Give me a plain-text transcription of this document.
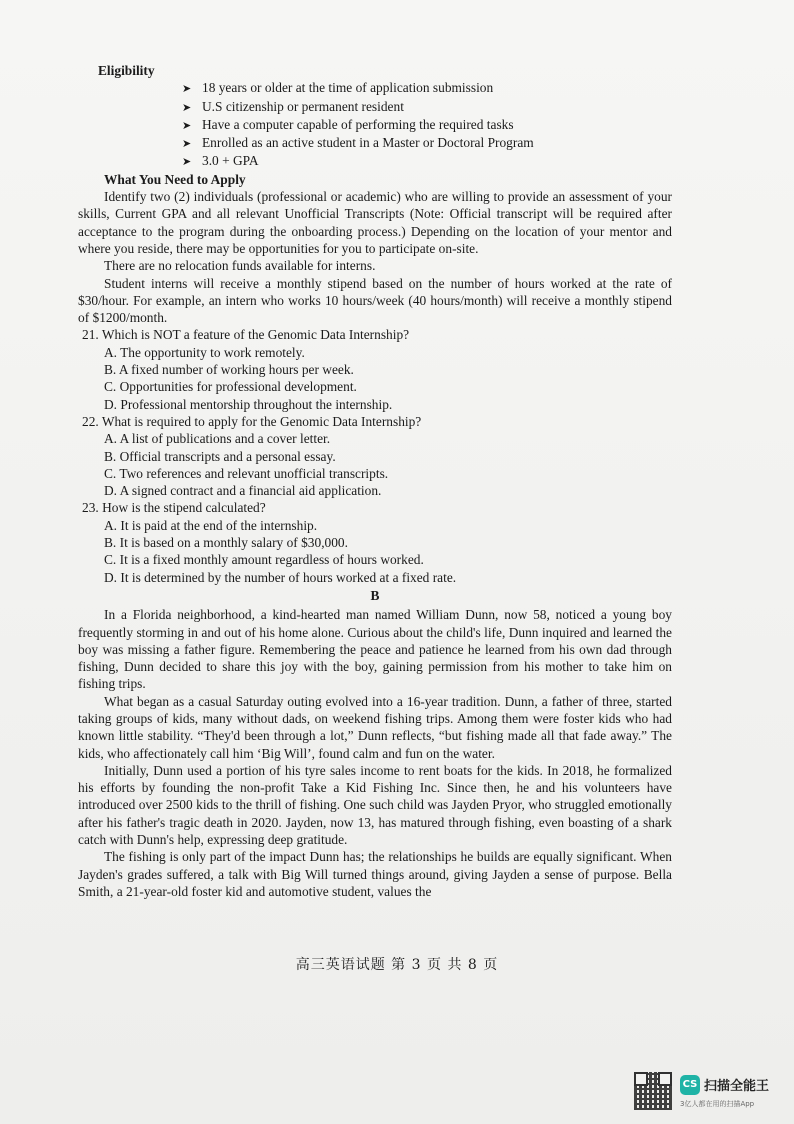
Eligibility
➤ 18 years or older at the time of application submission
➤ U.S citizenship or permanent resident
➤ Have a computer capable of performing the required tasks
➤ Enrolled as an active student in a Master or Doctoral Program
➤ 3.0 + GPA
What You Need to Apply

Identify two (2) individuals (professional or academic) who are willing to provide an assessment of your skills, Current GPA and all relevant Unofficial Transcripts (Note: Official transcript will be required after acceptance to the program during the onboarding process.) Depending on the location of your mentor and where you reside, there may be opportunities for you to participate on-site.

There are no relocation funds available for interns.

Student interns will receive a monthly stipend based on the number of hours worked at the rate of $30/hour. For example, an intern who works 10 hours/week (40 hours/month) will receive a monthly stipend of $1200/month.

21. Which is NOT a feature of the Genomic Data Internship?
A. The opportunity to work remotely.
B. A fixed number of working hours per week.
C. Opportunities for professional development.
D. Professional mentorship throughout the internship.
22. What is required to apply for the Genomic Data Internship?
A. A list of publications and a cover letter.
B. Official transcripts and a personal essay.
C. Two references and relevant unofficial transcripts.
D. A signed contract and a financial aid application.
23. How is the stipend calculated?
A. It is paid at the end of the internship.
B. It is based on a monthly salary of $30,000.
C. It is a fixed monthly amount regardless of hours worked.
D. It is determined by the number of hours worked at a fixed rate.
B

In a Florida neighborhood, a kind-hearted man named William Dunn, now 58, noticed a young boy frequently storming in and out of his home alone. Curious about the child's life, Dunn inquired and learned the boy was missing a father figure. Remembering the peace and patience he learned from his own dad through fishing, Dunn decided to share this joy with the boy, gaining permission from his mother to take him on fishing trips.

What began as a casual Saturday outing evolved into a 16-year tradition. Dunn, a father of three, started taking groups of kids, many without dads, on weekend fishing trips. Among them were foster kids who had known little stability. “They'd been through a lot,” Dunn reflects, “but fishing made all that fade away.” The kids, who affectionately call him ‘Big Will’, found calm and fun on the water.

Initially, Dunn used a portion of his tyre sales income to rent boats for the kids. In 2018, he formalized his efforts by founding the non-profit Take a Kid Fishing Inc. Since then, he and his volunteers have introduced over 2500 kids to the thrill of fishing. One such child was Jayden Pryor, who struggled emotionally after his father's tragic death in 2020. Jayden, now 13, has matured through fishing, even boasting of a shark catch with Dunn's help, expressing deep gratitude.

The fishing is only part of the impact Dunn has; the relationships he builds are equally significant. When Jayden's grades suffered, a talk with Big Will turned things around, giving Jayden a sense of purpose. Bella Smith, a 21-year-old foster kid and automotive student, values the

高三英语试题 第 3 页 共 8 页
CS 扫描全能王
3亿人都在用的扫描App
